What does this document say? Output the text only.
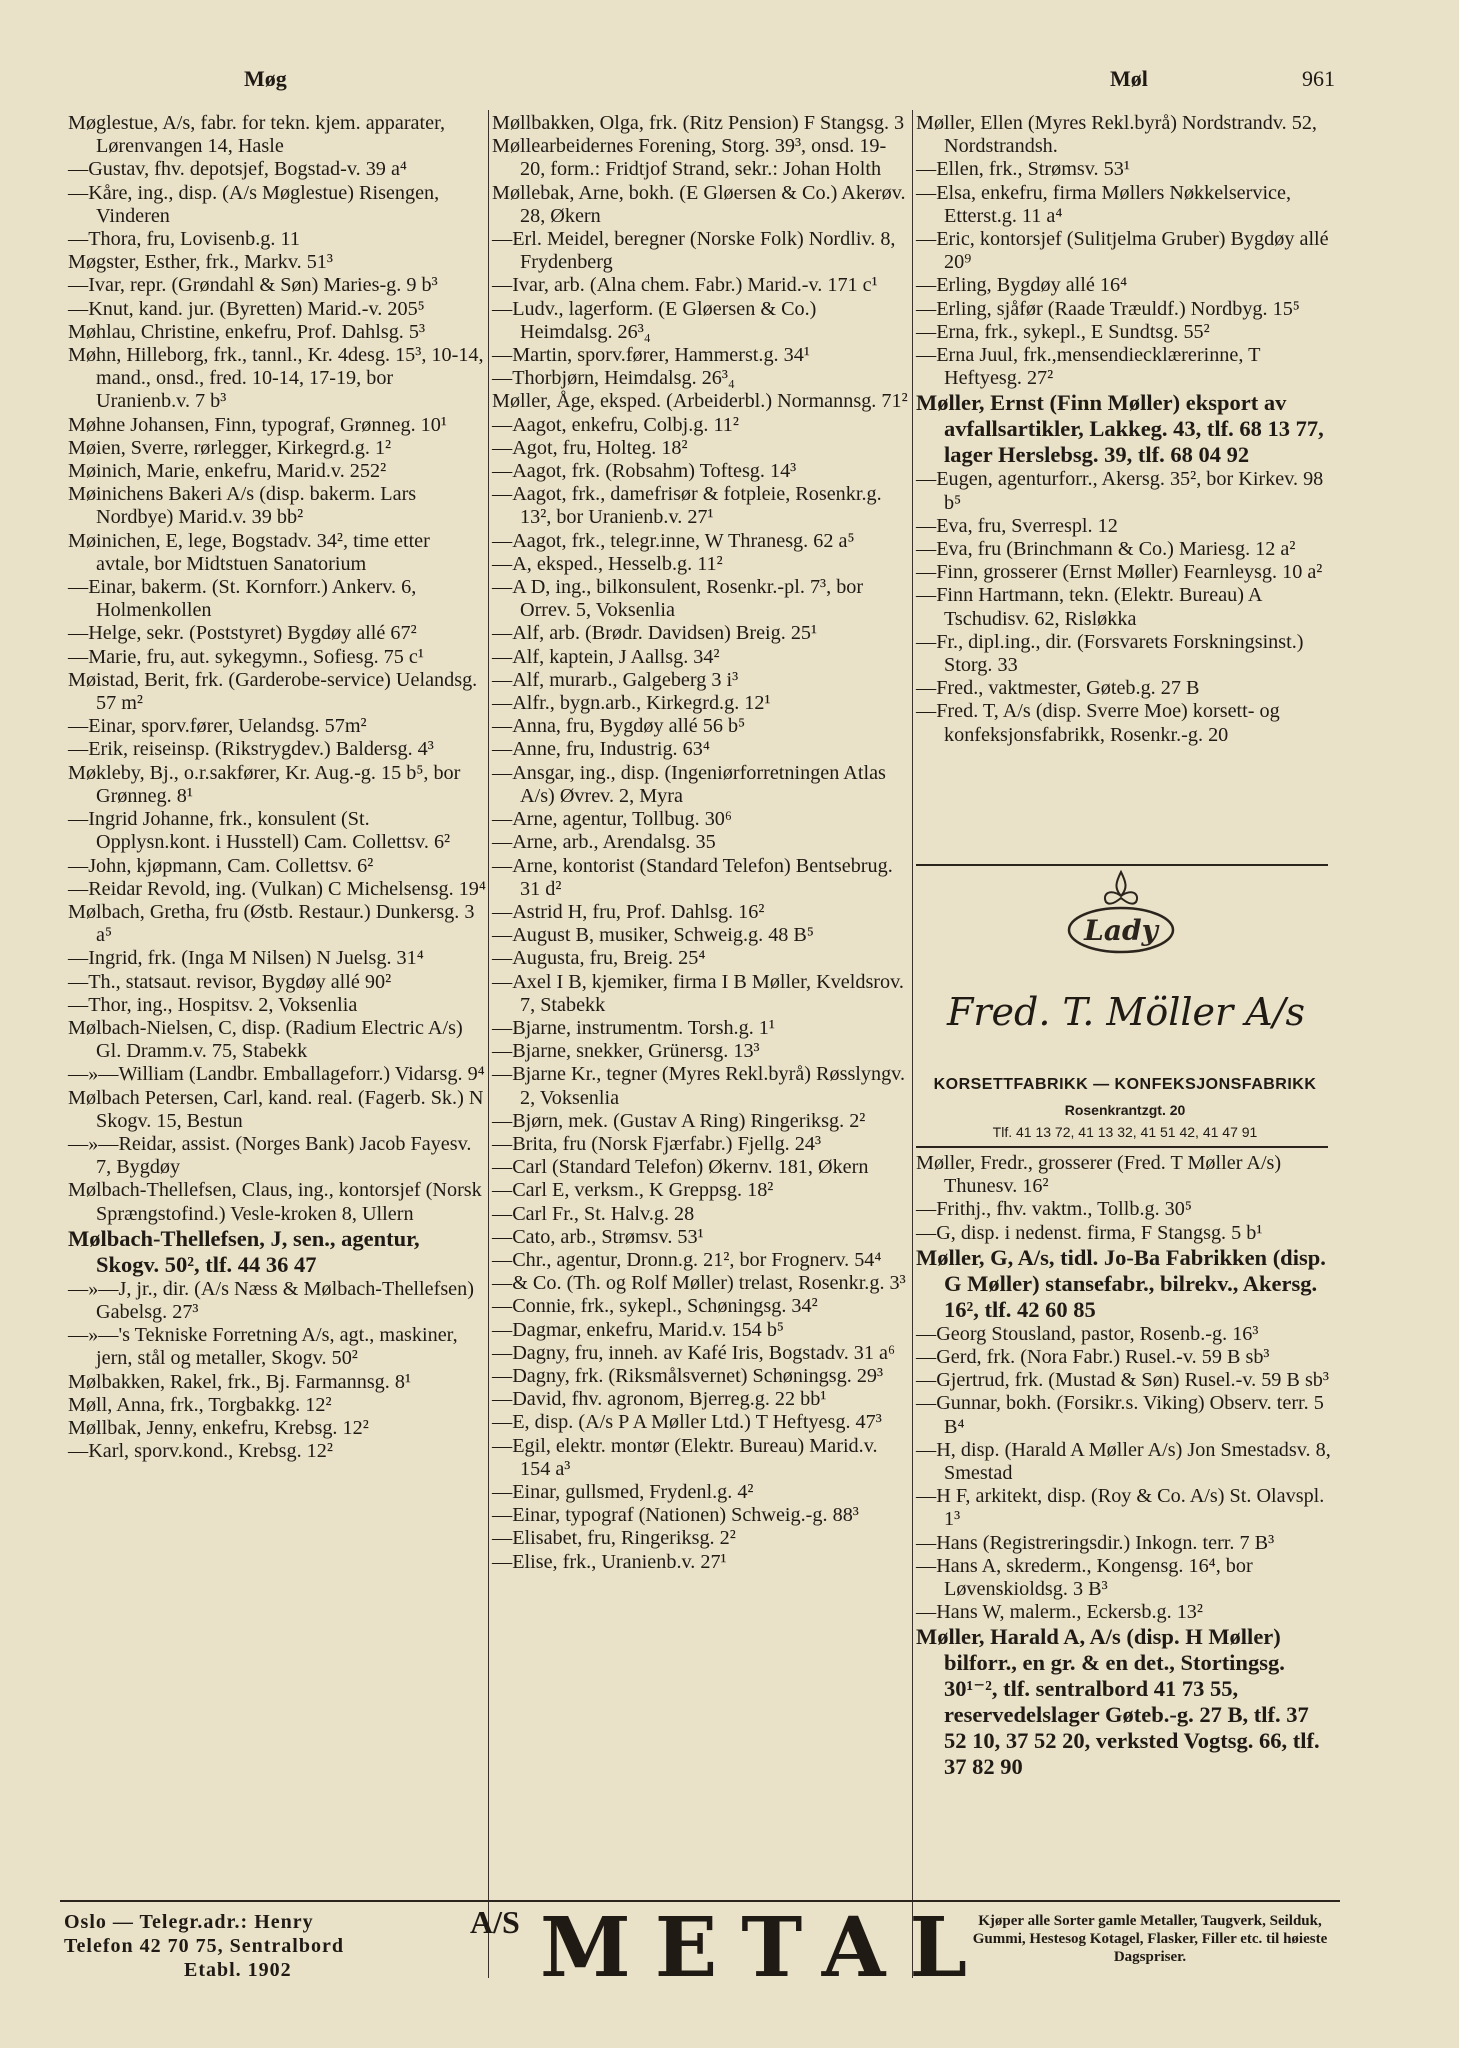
Møg	Møl	961

Møglestue, A/s, fabr. for tekn. kjem. apparater, Lørenvangen 14, Hasle

—Gustav, fhv. depotsjef, Bogstad-v. 39 a⁴

—Kåre, ing., disp. (A/s Møglestue) Risengen, Vinderen

—Thora, fru, Lovisenb.g. 11

Møgster, Esther, frk., Markv. 51³

—Ivar, repr. (Grøndahl & Søn) Maries-g. 9 b³

—Knut, kand. jur. (Byretten) Marid.-v. 205⁵

Møhlau, Christine, enkefru, Prof. Dahlsg. 5³

Møhn, Hilleborg, frk., tannl., Kr. 4desg. 15³, 10-14, mand., onsd., fred. 10-14, 17-19, bor Uranienb.v. 7 b³

Møhne Johansen, Finn, typograf, Grønneg. 10¹

Møien, Sverre, rørlegger, Kirkegrd.g. 1²

Møinich, Marie, enkefru, Marid.v. 252²

Møinichens Bakeri A/s (disp. bakerm. Lars Nordbye) Marid.v. 39 bb²

Møinichen, E, lege, Bogstadv. 34², time etter avtale, bor Midtstuen Sanatorium

—Einar, bakerm. (St. Kornforr.) Ankerv. 6, Holmenkollen

—Helge, sekr. (Poststyret) Bygdøy allé 67²

—Marie, fru, aut. sykegymn., Sofiesg. 75 c¹

Møistad, Berit, frk. (Garderobe-service) Uelandsg. 57 m²

—Einar, sporv.fører, Uelandsg. 57m²

—Erik, reiseinsp. (Rikstrygdev.) Baldersg. 4³

Møkleby, Bj., o.r.sakfører, Kr. Aug.-g. 15 b⁵, bor Grønneg. 8¹

—Ingrid Johanne, frk., konsulent (St. Opplysn.kont. i Husstell) Cam. Collettsv. 6²

—John, kjøpmann, Cam. Collettsv. 6²

—Reidar Revold, ing. (Vulkan) C Michelsensg. 19⁴

Mølbach, Gretha, fru (Østb. Restaur.) Dunkersg. 3 a⁵

—Ingrid, frk. (Inga M Nilsen) N Juelsg. 31⁴

—Th., statsaut. revisor, Bygdøy allé 90²

—Thor, ing., Hospitsv. 2, Voksenlia

Mølbach-Nielsen, C, disp. (Radium Electric A/s) Gl. Dramm.v. 75, Stabekk

—»—William (Landbr. Emballageforr.) Vidarsg. 9⁴

Mølbach Petersen, Carl, kand. real. (Fagerb. Sk.) N Skogv. 15, Bestun

—»—Reidar, assist. (Norges Bank) Jacob Fayesv. 7, Bygdøy

Mølbach-Thellefsen, Claus, ing., kontorsjef (Norsk Sprængstofind.) Vesle-kroken 8, Ullern

Mølbach-Thellefsen, J, sen., agentur, Skogv. 50², tlf. 44 36 47

—»—J, jr., dir. (A/s Næss & Mølbach-Thellefsen) Gabelsg. 27³

—»—'s Tekniske Forretning A/s, agt., maskiner, jern, stål og metaller, Skogv. 50²

Mølbakken, Rakel, frk., Bj. Farmannsg. 8¹

Møll, Anna, frk., Torgbakkg. 12²

Møllbak, Jenny, enkefru, Krebsg. 12²

—Karl, sporv.kond., Krebsg. 12²

Møllbakken, Olga, frk. (Ritz Pension) F Stangsg. 3

Møllearbeidernes Forening, Storg. 39³, onsd. 19-20, form.: Fridtjof Strand, sekr.: Johan Holth

Møllebak, Arne, bokh. (E Gløersen & Co.) Akerøv. 28, Økern

—Erl. Meidel, beregner (Norske Folk) Nordliv. 8, Frydenberg

—Ivar, arb. (Alna chem. Fabr.) Marid.-v. 171 c¹

—Ludv., lagerform. (E Gløersen & Co.) Heimdalsg. 26³₄

—Martin, sporv.fører, Hammerst.g. 34¹

—Thorbjørn, Heimdalsg. 26³₄

Møller, Åge, eksped. (Arbeiderbl.) Normannsg. 71²

—Aagot, enkefru, Colbj.g. 11²

—Agot, fru, Holteg. 18²

—Aagot, frk. (Robsahm) Toftesg. 14³

—Aagot, frk., damefrisør & fotpleie, Rosenkr.g. 13², bor Uranienb.v. 27¹

—Aagot, frk., telegr.inne, W Thranesg. 62 a⁵

—A, eksped., Hesselb.g. 11²

—A D, ing., bilkonsulent, Rosenkr.-pl. 7³, bor Orrev. 5, Voksenlia

—Alf, arb. (Brødr. Davidsen) Breig. 25¹

—Alf, kaptein, J Aallsg. 34²

—Alf, murarb., Galgeberg 3 i³

—Alfr., bygn.arb., Kirkegrd.g. 12¹

—Anna, fru, Bygdøy allé 56 b⁵

—Anne, fru, Industrig. 63⁴

—Ansgar, ing., disp. (Ingeniørforretningen Atlas A/s) Øvrev. 2, Myra

—Arne, agentur, Tollbug. 30⁶

—Arne, arb., Arendalsg. 35

—Arne, kontorist (Standard Telefon) Bentsebrug. 31 d²

—Astrid H, fru, Prof. Dahlsg. 16²

—August B, musiker, Schweig.g. 48 B⁵

—Augusta, fru, Breig. 25⁴

—Axel I B, kjemiker, firma I B Møller, Kveldsrov. 7, Stabekk

—Bjarne, instrumentm. Torsh.g. 1¹

—Bjarne, snekker, Grünersg. 13³

—Bjarne Kr., tegner (Myres Rekl.byrå) Røsslyngv. 2, Voksenlia

—Bjørn, mek. (Gustav A Ring) Ringeriksg. 2²

—Brita, fru (Norsk Fjærfabr.) Fjellg. 24³

—Carl (Standard Telefon) Økernv. 181, Økern

—Carl E, verksm., K Greppsg. 18²

—Carl Fr., St. Halv.g. 28

—Cato, arb., Strømsv. 53¹

—Chr., agentur, Dronn.g. 21², bor Frognerv. 54⁴

—& Co. (Th. og Rolf Møller) trelast, Rosenkr.g. 3³

—Connie, frk., sykepl., Schøningsg. 34²

—Dagmar, enkefru, Marid.v. 154 b⁵

—Dagny, fru, inneh. av Kafé Iris, Bogstadv. 31 a⁶

—Dagny, frk. (Riksmålsvernet) Schøningsg. 29³

—David, fhv. agronom, Bjerreg.g. 22 bb¹

—E, disp. (A/s P A Møller Ltd.) T Heftyesg. 47³

—Egil, elektr. montør (Elektr. Bureau) Marid.v. 154 a³

—Einar, gullsmed, Frydenl.g. 4²

—Einar, typograf (Nationen) Schweig.-g. 88³

—Elisabet, fru, Ringeriksg. 2²

—Elise, frk., Uranienb.v. 27¹

Møller, Ellen (Myres Rekl.byrå) Nordstrandv. 52, Nordstrandsh.

—Ellen, frk., Strømsv. 53¹

—Elsa, enkefru, firma Møllers Nøkkelservice, Etterst.g. 11 a⁴

—Eric, kontorsjef (Sulitjelma Gruber) Bygdøy allé 20⁹

—Erling, Bygdøy allé 16⁴

—Erling, sjåfør (Raade Træuldf.) Nordbyg. 15⁵

—Erna, frk., sykepl., E Sundtsg. 55²

—Erna Juul, frk.,mensendiecklærerinne, T Heftyesg. 27²

Møller, Ernst (Finn Møller) eksport av avfallsartikler, Lakkeg. 43, tlf. 68 13 77, lager Herslebsg. 39, tlf. 68 04 92

—Eugen, agenturforr., Akersg. 35², bor Kirkev. 98 b⁵

—Eva, fru, Sverrespl. 12

—Eva, fru (Brinchmann & Co.) Mariesg. 12 a²

—Finn, grosserer (Ernst Møller) Fearnleysg. 10 a²

—Finn Hartmann, tekn. (Elektr. Bureau) A Tschudisv. 62, Risløkka

—Fr., dipl.ing., dir. (Forsvarets Forskningsinst.) Storg. 33

—Fred., vaktmester, Gøteb.g. 27 B

—Fred. T, A/s (disp. Sverre Moe) korsett- og konfeksjonsfabrikk, Rosenkr.-g. 20

Lady
Fred. T. Möller A/s
KORSETTFABRIKK — KONFEKSJONSFABRIKK
Rosenkrantzgt. 20
Tlf. 41 13 72, 41 13 32, 41 51 42, 41 47 91

Møller, Fredr., grosserer (Fred. T Møller A/s) Thunesv. 16²

—Frithj., fhv. vaktm., Tollb.g. 30⁵

—G, disp. i nedenst. firma, F Stangsg. 5 b¹

Møller, G, A/s, tidl. Jo-Ba Fabrikken (disp. G Møller) stansefabr., bilrekv., Akersg. 16², tlf. 42 60 85

—Georg Stousland, pastor, Rosenb.-g. 16³

—Gerd, frk. (Nora Fabr.) Rusel.-v. 59 B sb³

—Gjertrud, frk. (Mustad & Søn) Rusel.-v. 59 B sb³

—Gunnar, bokh. (Forsikr.s. Viking) Observ. terr. 5 B⁴

—H, disp. (Harald A Møller A/s) Jon Smestadsv. 8, Smestad

—H F, arkitekt, disp. (Roy & Co. A/s) St. Olavspl. 1³

—Hans (Registreringsdir.) Inkogn. terr. 7 B³

—Hans A, skrederm., Kongensg. 16⁴, bor Løvenskioldsg. 3 B³

—Hans W, malerm., Eckersb.g. 13²

Møller, Harald A, A/s (disp. H Møller) bilforr., en gr. & en det., Stortingsg. 30¹⁻², tlf. sentralbord 41 73 55, reservedelslager Gøteb.-g. 27 B, tlf. 37 52 10, 37 52 20, verksted Vogtsg. 66, tlf. 37 82 90

Oslo — Telegr.adr.: Henry
Telefon 42 70 75, Sentralbord
Etabl. 1902
A/S METAL
Kjøper alle Sorter gamle Metaller, Taugverk, Seilduk, Gummi, Hestesog Kotagel, Flasker, Filler etc. til høieste Dagspriser.
